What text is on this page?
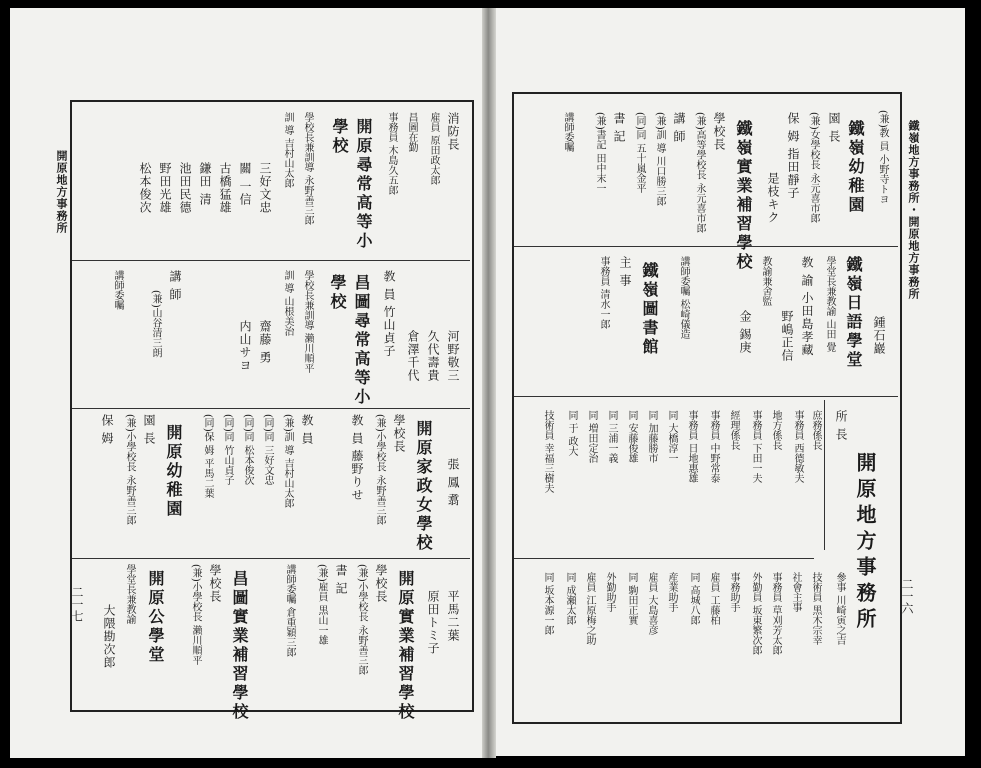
開原地方事務所	鐵嶺地方事務所・開原地方事務所
二一七	二一六
(兼)教 員 小野寺トヨ
鐵嶺幼稚園
園 長
(兼)女學校長 永元喜市郎
保 姆 指田靜子
是枝キク
鐵嶺實業補習學校
學校長
(兼)高等學校長 永元喜市郎
講 師
(兼)訓 導 川口勝三郎
(同)同 五十嵐金平
書 記
(兼)書記 田中末一
講師委囑
鍾石巖
鐵嶺日語學堂
學堂長兼教諭 山田 覺
教 諭 小田島孝藏
野嶋正信
教諭兼舍監
金 錫庚
講師委囑 松崎儀造
鐵嶺圖書館
主 事
事務員 清水一郎
開原地方事務所
所 長
庶務係長
事務員 西德敏夫
地方係長
事務員 下田一夫
經理係長
事務員 中野常泰
事務員 日地惠雄
同 大橋淳一
同 加藤勝市
同 安藤俊雄
同 三浦一義
同 増田定治
同 于 政大
技術員 幸福三樹夫
參事 川崎寅之吉
技術員 黑木宗幸
社會主事
事務員 草刈芳太郎
外勤員 坂東繁次郎
事務助手
雇員 工藤柏
同 高城八郎
産業助手
雇員 大島喜彦
同 駒田正實
外勤助手
雇員 江原梅之助
同 成瀬太郎
同 坂本源一郎
消防長
雇員 原田政太郎
昌圖在勤
事務員 木島久五郎
開原尋常高等小
學校
學校長兼訓導 永野善三郎
訓 導 吉村山太郎
三好文忠
關 一信
古橋猛雄
鎌田 清
池田民德
野田光雄
松本俊次
河野敬三
久代壽貴
倉澤千代
教 員 竹山貞子
昌圖尋常高等小
學校
學校長兼訓導 瀨川順平
訓 導 山根美治
齋藤 勇
内山サヨ
講 師
(兼)山谷清三朗
講師委囑
張 鳳 翥
開原家政女學校
學校長
(兼)小學校長 永野善三郎
教 員 藤野りせ
教 員
(兼)訓 導 吉村山太郎
(同)同 三好文忠
(同)同 松本俊次
(同)同 竹山貞子
(同)保 姆 平馬二葉
開原幼稚園
園 長
(兼)小學校長 永野善三郎
保 姆
平馬二葉
原田トミ子
開原實業補習學校
學校長
(兼)小學校長 永野善三郎
書 記
(兼)雇員 黒山一雄
講師委囑 倉重穎三郎
昌圖實業補習學校
學校長
(兼)小學校長 瀨川順平
開原公學堂
學堂長兼教諭
大隈勘次郎
